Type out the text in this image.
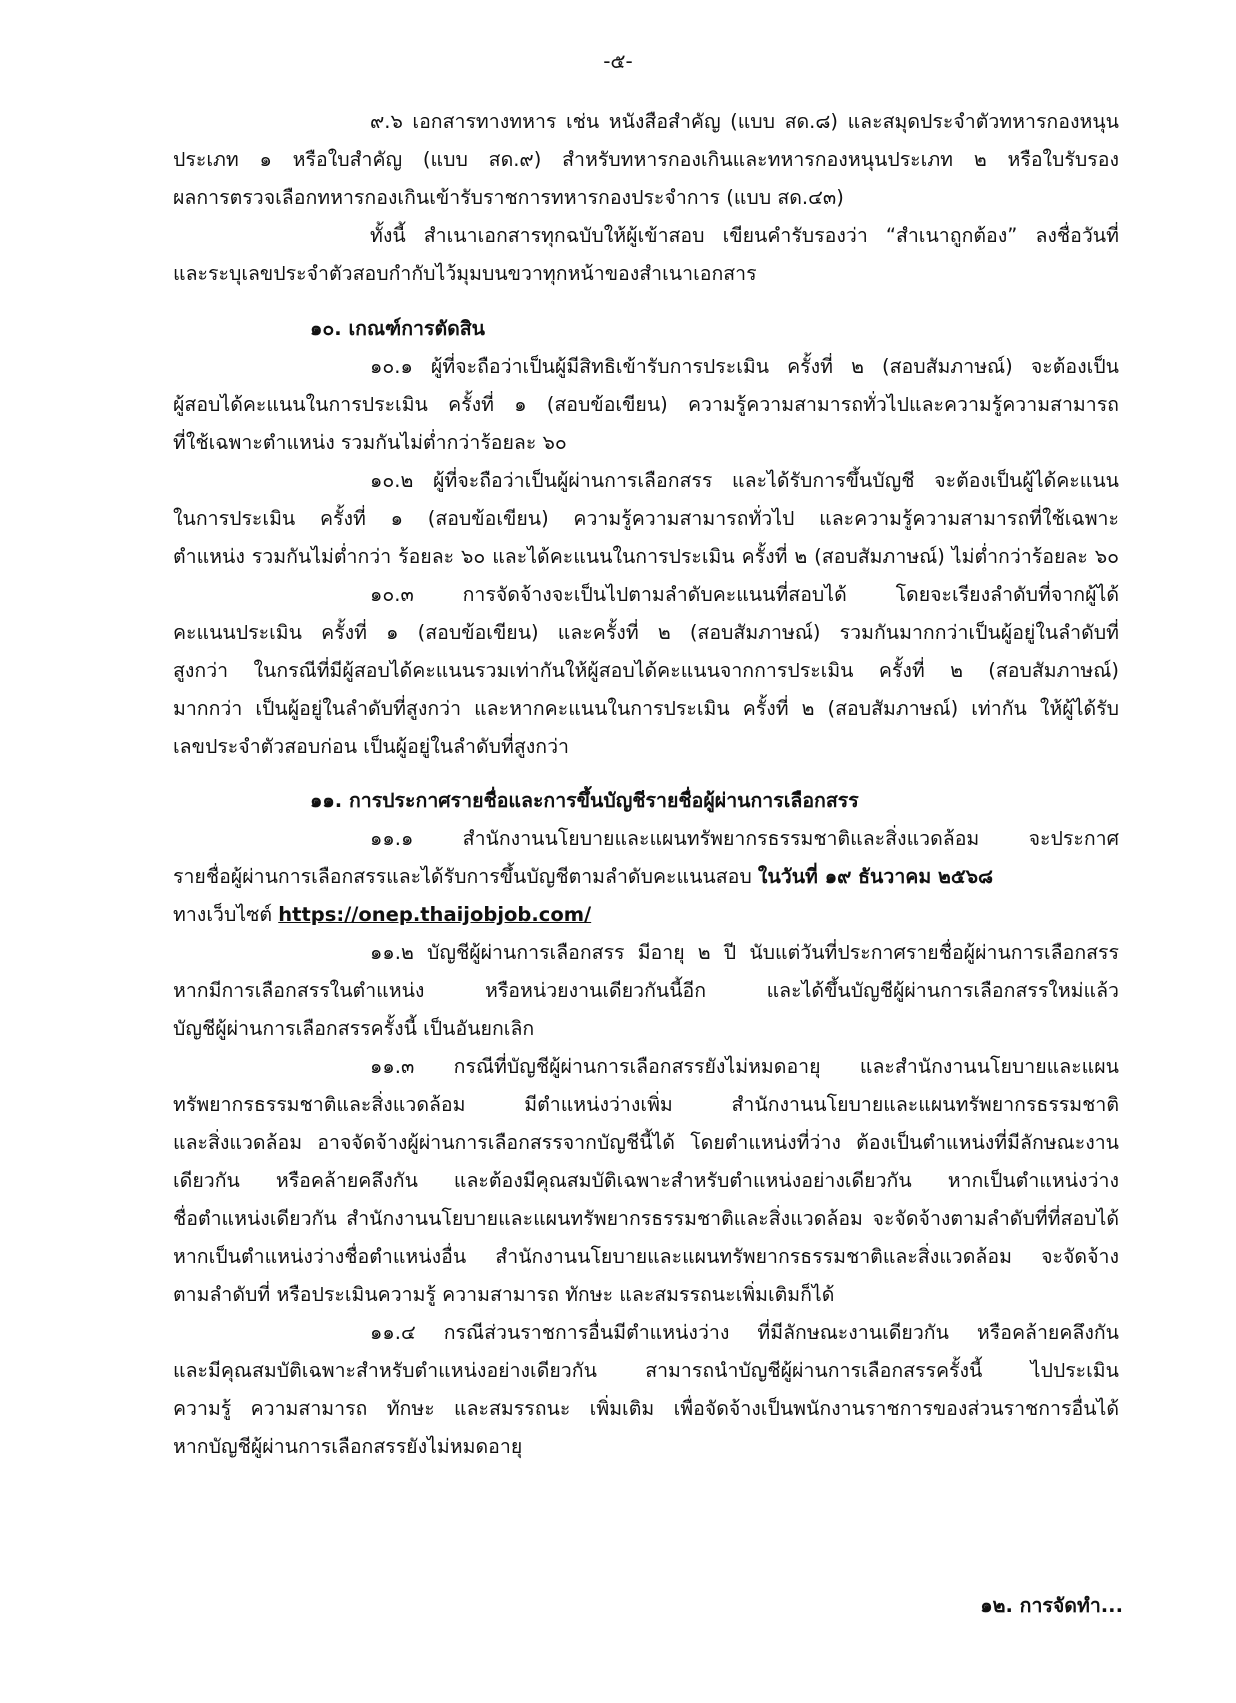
-๕-
๙.๖ เอกสารทางทหาร เช่น หนังสือสำคัญ (แบบ สด.๘) และสมุดประจำตัวทหารกองหนุน
ประเภท ๑ หรือใบสำคัญ (แบบ สด.๙) สำหรับทหารกองเกินและทหารกองหนุนประเภท ๒ หรือใบรับรอง
ผลการตรวจเลือกทหารกองเกินเข้ารับราชการทหารกองประจำการ (แบบ สด.๔๓)
ทั้งนี้ สำเนาเอกสารทุกฉบับให้ผู้เข้าสอบ เขียนคำรับรองว่า “สำเนาถูกต้อง” ลงชื่อวันที่
และระบุเลขประจำตัวสอบกำกับไว้มุมบนขวาทุกหน้าของสำเนาเอกสาร
๑๐. เกณฑ์การตัดสิน
๑๐.๑ ผู้ที่จะถือว่าเป็นผู้มีสิทธิเข้ารับการประเมิน ครั้งที่ ๒ (สอบสัมภาษณ์) จะต้องเป็น
ผู้สอบได้คะแนนในการประเมิน ครั้งที่ ๑ (สอบข้อเขียน) ความรู้ความสามารถทั่วไปและความรู้ความสามารถ
ที่ใช้เฉพาะตำแหน่ง รวมกันไม่ต่ำกว่าร้อยละ ๖๐
๑๐.๒ ผู้ที่จะถือว่าเป็นผู้ผ่านการเลือกสรร และได้รับการขึ้นบัญชี จะต้องเป็นผู้ได้คะแนน
ในการประเมิน ครั้งที่ ๑ (สอบข้อเขียน) ความรู้ความสามารถทั่วไป และความรู้ความสามารถที่ใช้เฉพาะ
ตำแหน่ง รวมกันไม่ต่ำกว่า ร้อยละ ๖๐ และได้คะแนนในการประเมิน ครั้งที่ ๒ (สอบสัมภาษณ์) ไม่ต่ำกว่าร้อยละ ๖๐
๑๐.๓ การจัดจ้างจะเป็นไปตามลำดับคะแนนที่สอบได้ โดยจะเรียงลำดับที่จากผู้ได้
คะแนนประเมิน ครั้งที่ ๑ (สอบข้อเขียน) และครั้งที่ ๒ (สอบสัมภาษณ์) รวมกันมากกว่าเป็นผู้อยู่ในลำดับที่
สูงกว่า ในกรณีที่มีผู้สอบได้คะแนนรวมเท่ากันให้ผู้สอบได้คะแนนจากการประเมิน ครั้งที่ ๒ (สอบสัมภาษณ์)
มากกว่า เป็นผู้อยู่ในลำดับที่สูงกว่า และหากคะแนนในการประเมิน ครั้งที่ ๒ (สอบสัมภาษณ์) เท่ากัน ให้ผู้ได้รับ
เลขประจำตัวสอบก่อน เป็นผู้อยู่ในลำดับที่สูงกว่า
๑๑. การประกาศรายชื่อและการขึ้นบัญชีรายชื่อผู้ผ่านการเลือกสรร
๑๑.๑ สำนักงานนโยบายและแผนทรัพยากรธรรมชาติและสิ่งแวดล้อม จะประกาศ
รายชื่อผู้ผ่านการเลือกสรรและได้รับการขึ้นบัญชีตามลำดับคะแนนสอบ ในวันที่ ๑๙ ธันวาคม ๒๕๖๘
ทางเว็บไซต์ https://onep.thaijobjob.com/
๑๑.๒ บัญชีผู้ผ่านการเลือกสรร มีอายุ ๒ ปี นับแต่วันที่ประกาศรายชื่อผู้ผ่านการเลือกสรร
หากมีการเลือกสรรในตำแหน่ง หรือหน่วยงานเดียวกันนี้อีก และได้ขึ้นบัญชีผู้ผ่านการเลือกสรรใหม่แล้ว
บัญชีผู้ผ่านการเลือกสรรครั้งนี้ เป็นอันยกเลิก
๑๑.๓ กรณีที่บัญชีผู้ผ่านการเลือกสรรยังไม่หมดอายุ และสำนักงานนโยบายและแผน
ทรัพยากรธรรมชาติและสิ่งแวดล้อม มีตำแหน่งว่างเพิ่ม สำนักงานนโยบายและแผนทรัพยากรธรรมชาติ
และสิ่งแวดล้อม อาจจัดจ้างผู้ผ่านการเลือกสรรจากบัญชีนี้ได้ โดยตำแหน่งที่ว่าง ต้องเป็นตำแหน่งที่มีลักษณะงาน
เดียวกัน หรือคล้ายคลึงกัน และต้องมีคุณสมบัติเฉพาะสำหรับตำแหน่งอย่างเดียวกัน หากเป็นตำแหน่งว่าง
ชื่อตำแหน่งเดียวกัน สำนักงานนโยบายและแผนทรัพยากรธรรมชาติและสิ่งแวดล้อม จะจัดจ้างตามลำดับที่ที่สอบได้
หากเป็นตำแหน่งว่างชื่อตำแหน่งอื่น สำนักงานนโยบายและแผนทรัพยากรธรรมชาติและสิ่งแวดล้อม จะจัดจ้าง
ตามลำดับที่ หรือประเมินความรู้ ความสามารถ ทักษะ และสมรรถนะเพิ่มเติมก็ได้
๑๑.๔ กรณีส่วนราชการอื่นมีตำแหน่งว่าง ที่มีลักษณะงานเดียวกัน หรือคล้ายคลึงกัน
และมีคุณสมบัติเฉพาะสำหรับตำแหน่งอย่างเดียวกัน สามารถนำบัญชีผู้ผ่านการเลือกสรรครั้งนี้ ไปประเมิน
ความรู้ ความสามารถ ทักษะ และสมรรถนะ เพิ่มเติม เพื่อจัดจ้างเป็นพนักงานราชการของส่วนราชการอื่นได้
หากบัญชีผู้ผ่านการเลือกสรรยังไม่หมดอายุ
๑๒. การจัดทำ...
